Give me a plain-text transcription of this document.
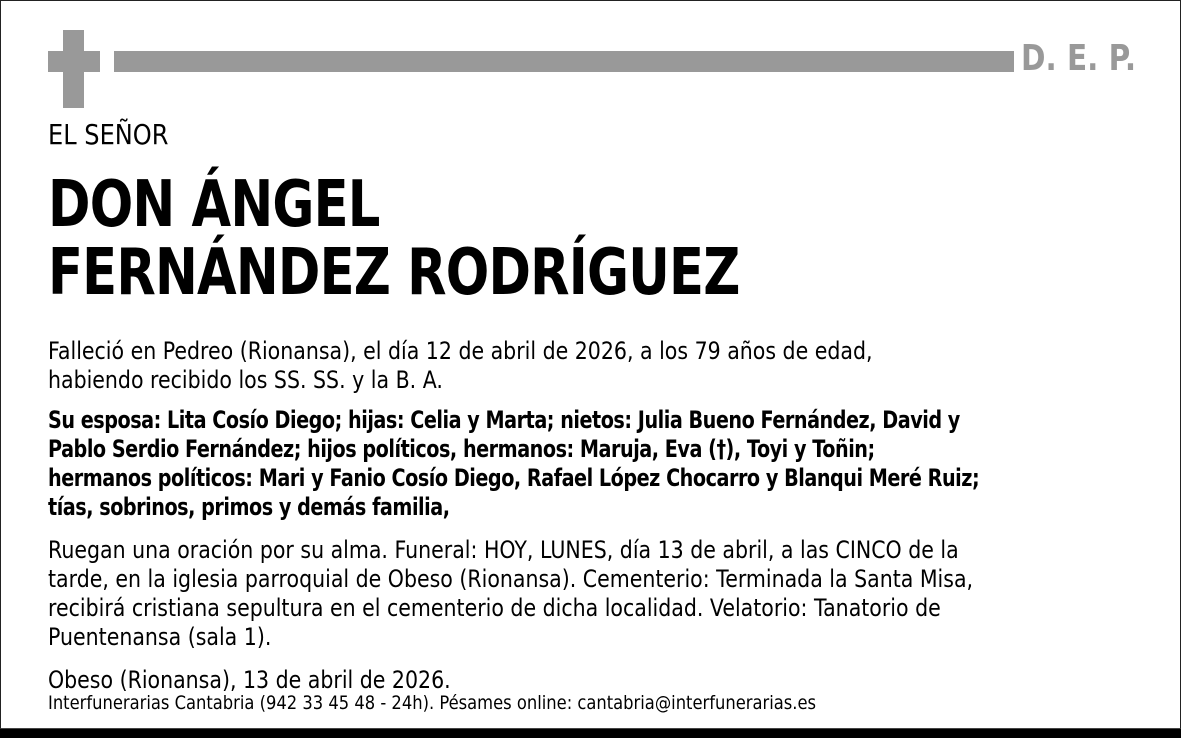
D. E. P.
EL SEÑOR
DON ÁNGEL
FERNÁNDEZ RODRÍGUEZ
Falleció en Pedreo (Rionansa), el día 12 de abril de 2026, a los 79 años de edad,
habiendo recibido los SS. SS. y la B. A.
Su esposa: Lita Cosío Diego; hijas: Celia y Marta; nietos: Julia Bueno Fernández, David y
Pablo Serdio Fernández; hijos políticos, hermanos: Maruja, Eva (†), Toyi y Toñin;
hermanos políticos: Mari y Fanio Cosío Diego, Rafael López Chocarro y Blanqui Meré Ruiz;
tías, sobrinos, primos y demás familia,
Ruegan una oración por su alma. Funeral: HOY, LUNES, día 13 de abril, a las CINCO de la
tarde, en la iglesia parroquial de Obeso (Rionansa). Cementerio: Terminada la Santa Misa,
recibirá cristiana sepultura en el cementerio de dicha localidad. Velatorio: Tanatorio de
Puentenansa (sala 1).
Obeso (Rionansa), 13 de abril de 2026.
Interfunerarias Cantabria (942 33 45 48 - 24h). Pésames online: cantabria@interfunerarias.es
